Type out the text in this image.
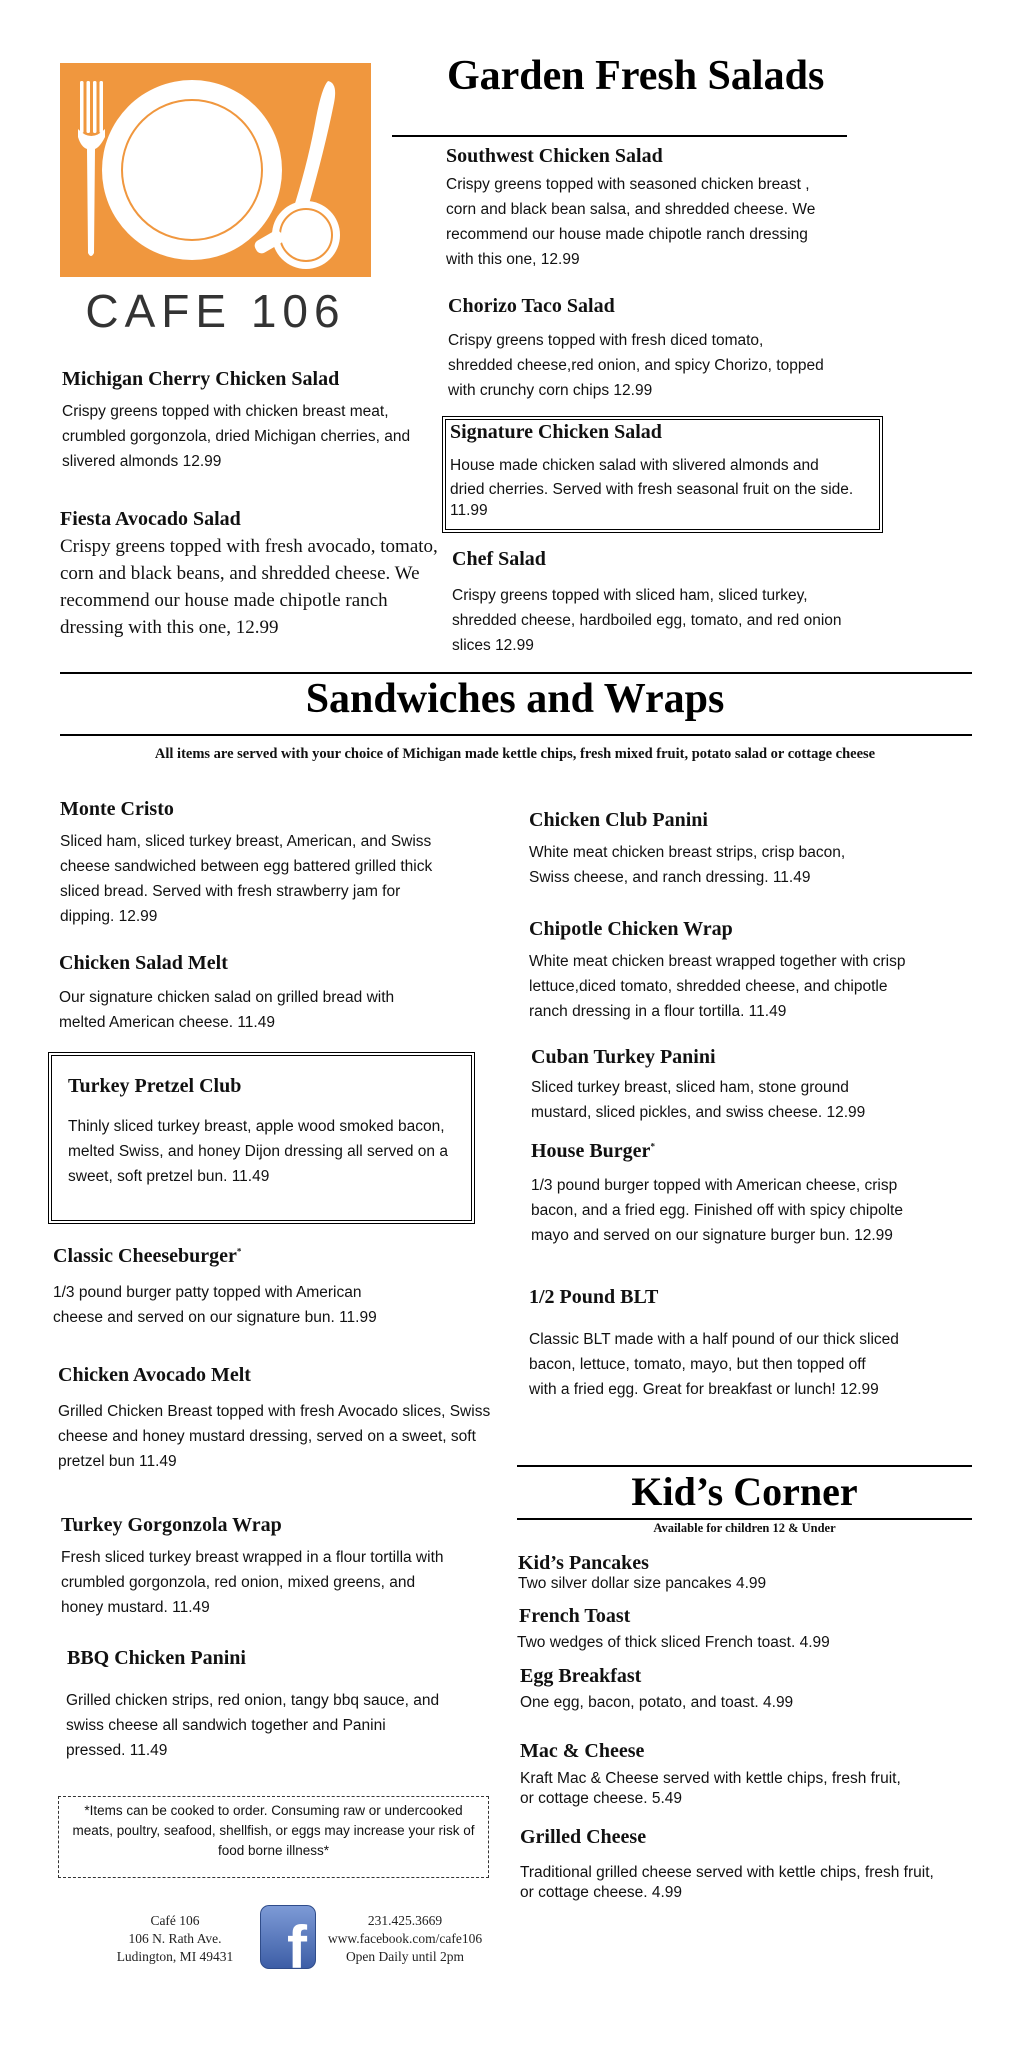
CAFE 106
Garden Fresh Salads
Southwest Chicken Salad
Crispy greens topped with seasoned chicken breast ,
corn and black bean salsa, and shredded cheese. We
recommend our house made chipotle ranch dressing
with this one, 12.99
Chorizo Taco Salad
Crispy greens topped with fresh diced tomato,
shredded cheese,red onion, and spicy Chorizo, topped
with crunchy corn chips 12.99
Signature Chicken Salad
House made chicken salad with slivered almonds and
dried cherries. Served with fresh seasonal fruit on the side.
11.99
Chef Salad
Crispy greens topped with sliced ham, sliced turkey,
shredded cheese, hardboiled egg, tomato, and red onion
slices 12.99
Michigan Cherry Chicken Salad
Crispy greens topped with chicken breast meat,
crumbled gorgonzola, dried Michigan cherries, and
slivered almonds 12.99
Fiesta Avocado Salad
Crispy greens topped with fresh avocado, tomato,
corn and black beans, and shredded cheese. We
recommend our house made chipotle ranch
dressing with this one, 12.99
Sandwiches and Wraps
All items are served with your choice of Michigan made kettle chips, fresh mixed fruit, potato salad or cottage cheese
Monte Cristo
Sliced ham, sliced turkey breast, American, and Swiss
cheese sandwiched between egg battered grilled thick
sliced bread. Served with fresh strawberry jam for
dipping. 12.99
Chicken Salad Melt
Our signature chicken salad on grilled bread with
melted American cheese. 11.49
Turkey Pretzel Club
Thinly sliced turkey breast, apple wood smoked bacon,
melted Swiss, and honey Dijon dressing all served on a
sweet, soft pretzel bun. 11.49
Classic Cheeseburger*
1/3 pound burger patty topped with American
cheese and served on our signature bun. 11.99
Chicken Avocado Melt
Grilled Chicken Breast topped with fresh Avocado slices, Swiss
cheese and honey mustard dressing, served on a sweet, soft
pretzel bun 11.49
Turkey Gorgonzola Wrap
Fresh sliced turkey breast wrapped in a flour tortilla with
crumbled gorgonzola, red onion, mixed greens, and
honey mustard. 11.49
BBQ Chicken Panini
Grilled chicken strips, red onion, tangy bbq sauce, and
swiss cheese all sandwich together and Panini
pressed. 11.49
Chicken Club Panini
White meat chicken breast strips, crisp bacon,
Swiss cheese, and ranch dressing. 11.49
Chipotle Chicken Wrap
White meat chicken breast wrapped together with crisp
lettuce,diced tomato, shredded cheese, and chipotle
ranch dressing in a flour tortilla. 11.49
Cuban Turkey Panini
Sliced turkey breast, sliced ham, stone ground
mustard, sliced pickles, and swiss cheese. 12.99
House Burger*
1/3 pound burger topped with American cheese, crisp
bacon, and a fried egg. Finished off with spicy chipolte
mayo and served on our signature burger bun. 12.99
1/2 Pound BLT
Classic BLT made with a half pound of our thick sliced
bacon, lettuce, tomato, mayo, but then topped off
with a fried egg. Great for breakfast or lunch! 12.99
Kid’s Corner
Available for children 12 & Under
Kid’s Pancakes
Two silver dollar size pancakes 4.99
French Toast
Two wedges of thick sliced French toast. 4.99
Egg Breakfast
One egg, bacon, potato, and toast. 4.99
Mac & Cheese
Kraft Mac & Cheese served with kettle chips, fresh fruit,
or cottage cheese. 5.49
Grilled Cheese
Traditional grilled cheese served with kettle chips, fresh fruit,
or cottage cheese. 4.99
*Items can be cooked to order. Consuming raw or undercooked
meats, poultry, seafood, shellfish, or eggs may increase your risk of
food borne illness*
Café 106
106 N. Rath Ave.
Ludington, MI 49431 f	231.425.3669
www.facebook.com/cafe106
Open Daily until 2pm
